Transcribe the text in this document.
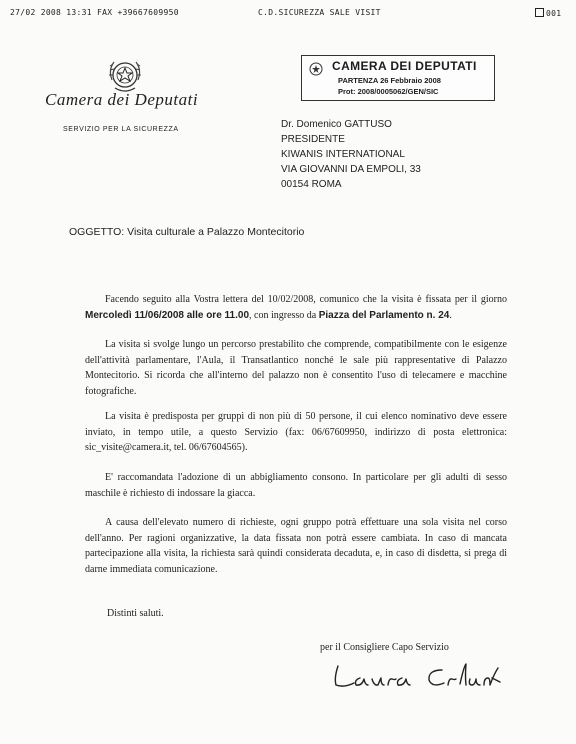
27/02 2008 13:31 FAX +39667609950	C.D.SICUREZZA SALE VISIT	001
Camera dei Deputati
SERVIZIO PER LA SICUREZZA
CAMERA DEI DEPUTATI
PARTENZA 26 Febbraio 2008
Prot: 2008/0005062/GEN/SIC
Dr. Domenico GATTUSO
PRESIDENTE
KIWANIS INTERNATIONAL
VIA GIOVANNI DA EMPOLI, 33
00154 ROMA
OGGETTO: Visita culturale a Palazzo Montecitorio
Facendo seguito alla Vostra lettera del 10/02/2008, comunico che la visita è fissata per il giorno Mercoledì 11/06/2008 alle ore 11.00, con ingresso da Piazza del Parlamento n. 24.
La visita si svolge lungo un percorso prestabilito che comprende, compatibilmente con le esigenze dell'attività parlamentare, l'Aula, il Transatlantico nonché le sale più rappresentative di Palazzo Montecitorio. Si ricorda che all'interno del palazzo non è consentito l'uso di telecamere e macchine fotografiche.
La visita è predisposta per gruppi di non più di 50 persone, il cui elenco nominativo deve essere inviato, in tempo utile, a questo Servizio (fax: 06/67609950, indirizzo di posta elettronica: sic_visite@camera.it, tel. 06/67604565).
E' raccomandata l'adozione di un abbigliamento consono. In particolare per gli adulti di sesso maschile è richiesto di indossare la giacca.
A causa dell'elevato numero di richieste, ogni gruppo potrà effettuare una sola visita nel corso dell'anno. Per ragioni organizzative, la data fissata non potrà essere cambiata. In caso di mancata partecipazione alla visita, la richiesta sarà quindi considerata decaduta, e, in caso di disdetta, si prega di darne immediata comunicazione.
Distinti saluti.
per il Consigliere Capo Servizio
